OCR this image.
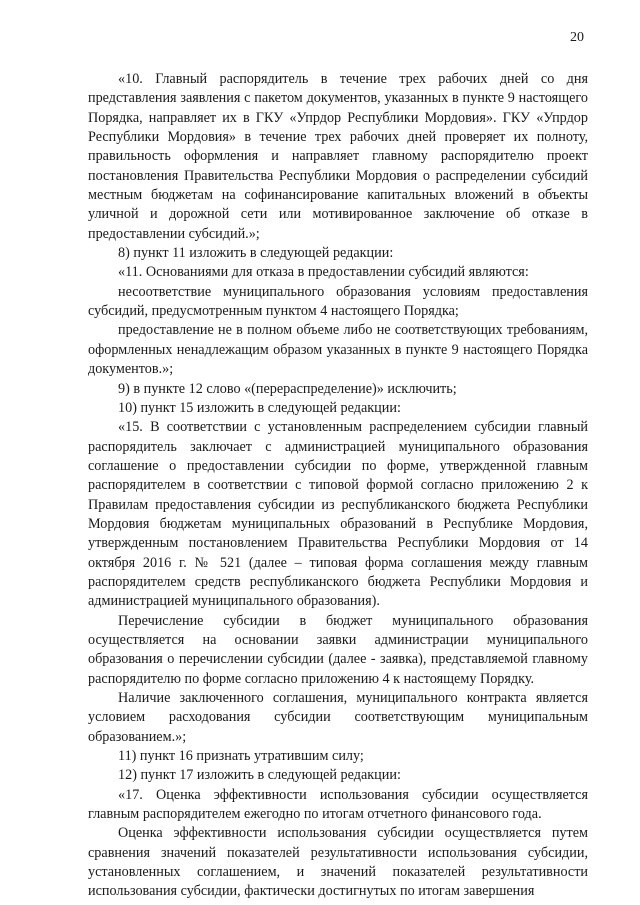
20

«10. Главный распорядитель в течение трех рабочих дней со дня представления заявления с пакетом документов, указанных в пункте 9 настоящего Порядка, направляет их в ГКУ «Упрдор Республики Мордовия». ГКУ «Упрдор Республики Мордовия» в течение трех рабочих дней проверяет их полноту, правильность оформления и направляет главному распорядителю проект постановления Правительства Республики Мордовия о распределении субсидий местным бюджетам на софинансирование капитальных вложений в объекты уличной и дорожной сети или мотивированное заключение об отказе в предоставлении субсидий.»;

8) пункт 11 изложить в следующей редакции:

«11. Основаниями для отказа в предоставлении субсидий являются:

несоответствие муниципального образования условиям предоставления субсидий, предусмотренным пунктом 4 настоящего Порядка;

предоставление не в полном объеме либо не соответствующих требованиям, оформленных ненадлежащим образом указанных в пункте 9 настоящего Порядка документов.»;

9) в пункте 12 слово «(перераспределение)» исключить;

10) пункт 15 изложить в следующей редакции:

«15. В соответствии с установленным распределением субсидии главный распорядитель заключает с администрацией муниципального образования соглашение о предоставлении субсидии по форме, утвержденной главным распорядителем в соответствии с типовой формой согласно приложению 2 к Правилам предоставления субсидии из республиканского бюджета Республики Мордовия бюджетам муниципальных образований в Республике Мордовия, утвержденным постановлением Правительства Республики Мордовия от 14 октября 2016 г. № 521 (далее – типовая форма соглашения между главным распорядителем средств республиканского бюджета Республики Мордовия и администрацией муниципального образования).

Перечисление субсидии в бюджет муниципального образования осуществляется на основании заявки администрации муниципального образования о перечислении субсидии (далее - заявка), представляемой главному распорядителю по форме согласно приложению 4 к настоящему Порядку.

Наличие заключенного соглашения, муниципального контракта является условием расходования субсидии соответствующим муниципальным образованием.»;

11) пункт 16 признать утратившим силу;

12) пункт 17 изложить в следующей редакции:

«17. Оценка эффективности использования субсидии осуществляется главным распорядителем ежегодно по итогам отчетного финансового года.

Оценка эффективности использования субсидии осуществляется путем сравнения значений показателей результативности использования субсидии, установленных соглашением, и значений показателей результативности использования субсидии, фактически достигнутых по итогам завершения
